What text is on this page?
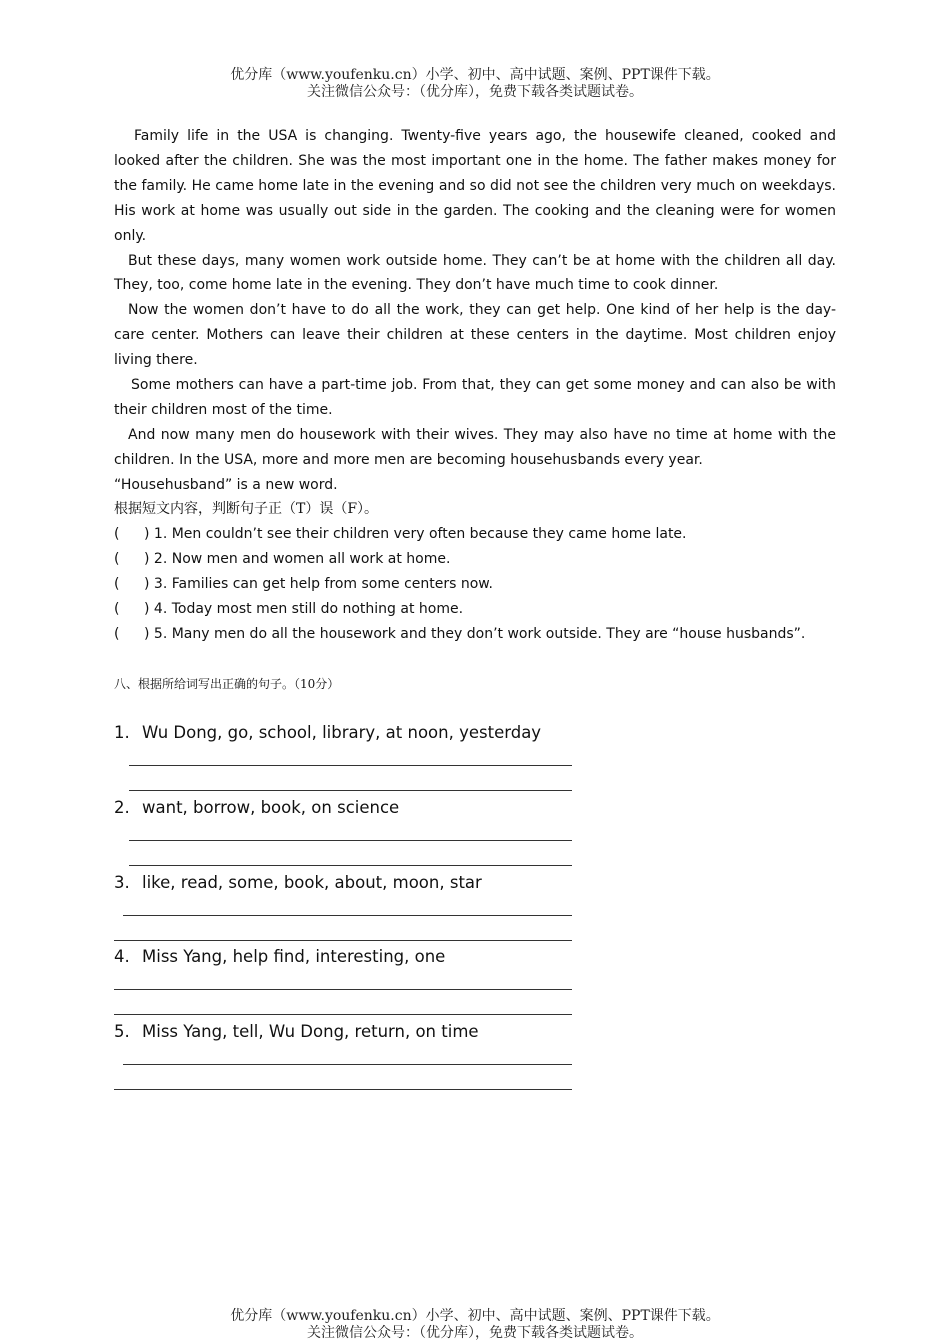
优分库（www.youfenku.cn）小学、初中、高中试题、案例、PPT课件下载。
关注微信公众号：（优分库），免费下载各类试题试卷。

Family life in the USA is changing. Twenty-five years ago, the housewife cleaned, cooked and looked after the children. She was the most important one in the home. The father makes money for the family. He came home late in the evening and so did not see the children very much on weekdays. His work at home was usually out side in the garden. The cooking and the cleaning were for women only.

But these days, many women work outside home. They can’t be at home with the children all day. They, too, come home late in the evening. They don’t have much time to cook dinner.

Now the women don’t have to do all the work, they can get help. One kind of her help is the day-care center. Mothers can leave their children at these centers in the daytime. Most children enjoy living there.

Some mothers can have a part-time job. From that, they can get some money and can also be with their children most of the time.

And now many men do housework with their wives. They may also have no time at home with the children. In the USA, more and more men are becoming househusbands every year.

“Househusband” is a new word.

根据短文内容，判断句子正（T）误（F）。
( ) 1. Men couldn’t see their children very often because they came home late.
( ) 2. Now men and women all work at home.
( ) 3. Families can get help from some centers now.
( ) 4. Today most men still do nothing at home.
( ) 5. Many men do all the housework and they don’t work outside. They are “house husbands”.
八、根据所给词写出正确的句子。（10分）
1. Wu Dong, go, school, library, at noon, yesterday
2. want, borrow, book, on science
3. like, read, some, book, about, moon, star
4. Miss Yang, help find, interesting, one
5. Miss Yang, tell, Wu Dong, return, on time
优分库（www.youfenku.cn）小学、初中、高中试题、案例、PPT课件下载。
关注微信公众号：（优分库），免费下载各类试题试卷。
